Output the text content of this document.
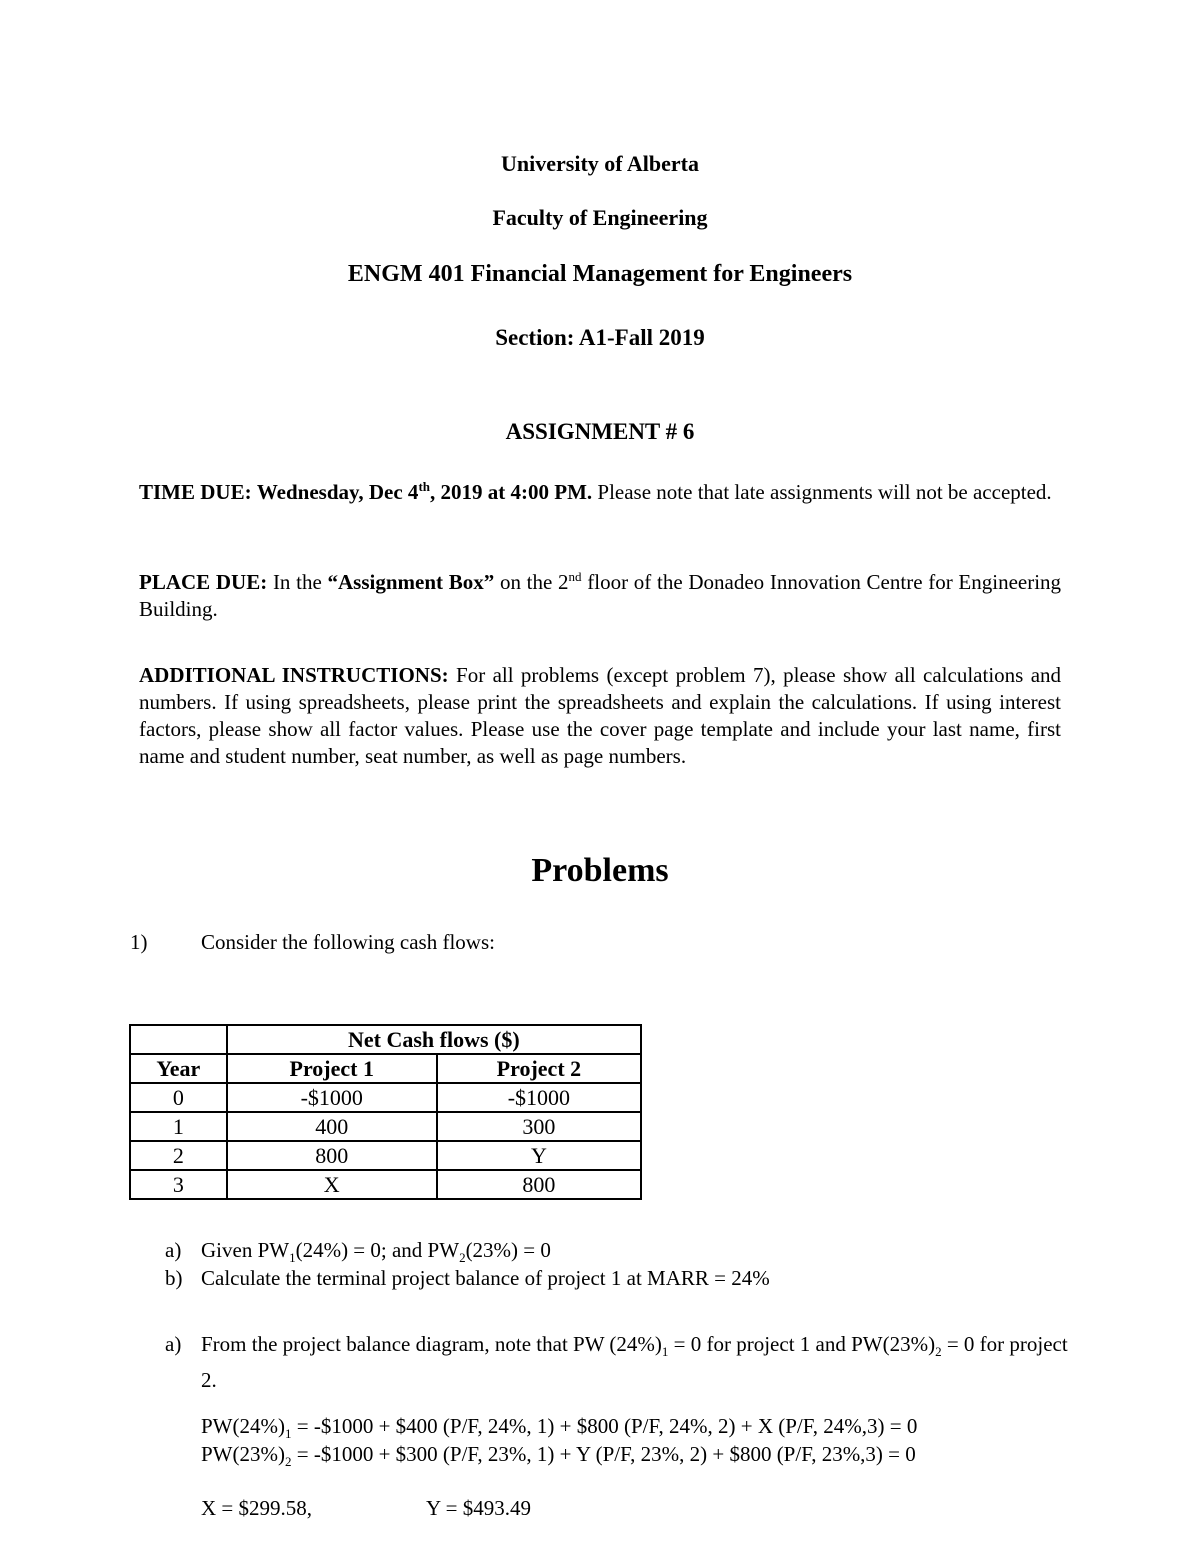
University of Alberta
Faculty of Engineering
ENGM 401 Financial Management for Engineers
Section: A1-Fall 2019
ASSIGNMENT # 6
TIME DUE: Wednesday, Dec 4th, 2019 at 4:00 PM. Please note that late assignments will not be accepted.
PLACE DUE: In the “Assignment Box” on the 2nd floor of the Donadeo Innovation Centre for Engineering Building.
ADDITIONAL INSTRUCTIONS: For all problems (except problem 7), please show all calculations and numbers. If using spreadsheets, please print the spreadsheets and explain the calculations. If using interest factors, please show all factor values. Please use the cover page template and include your last name, first name and student number, seat number, as well as page numbers.
Problems
1)	Consider the following cash flows:
	Net Cash flows ($)	
Year	Project 1	Project 2
0	-$1000	-$1000
1	400	300
2	800	Y
3	X	800
a) Given $PW_1(24\%) = 0$; and $PW_2(23\%) = 0$
b) Calculate the terminal project balance of project 1 at MARR = 24%
a) From the project balance diagram, note that PW $(24\%)_1 = 0$ for project 1 and $PW(23\%)_2 = 0$ for project 2.
$PW(24\%)_1$ = -$1000 + $400 (P/F, 24%, 1) + $800 (P/F, 24%, 2) + X (P/F, 24%,3) = 0
$PW(23\%)_2$ = -$1000 + $300 (P/F, 23%, 1) + Y (P/F, 23%, 2) + $800 (P/F, 23%,3) = 0
X = $299.58,	Y = $493.49
